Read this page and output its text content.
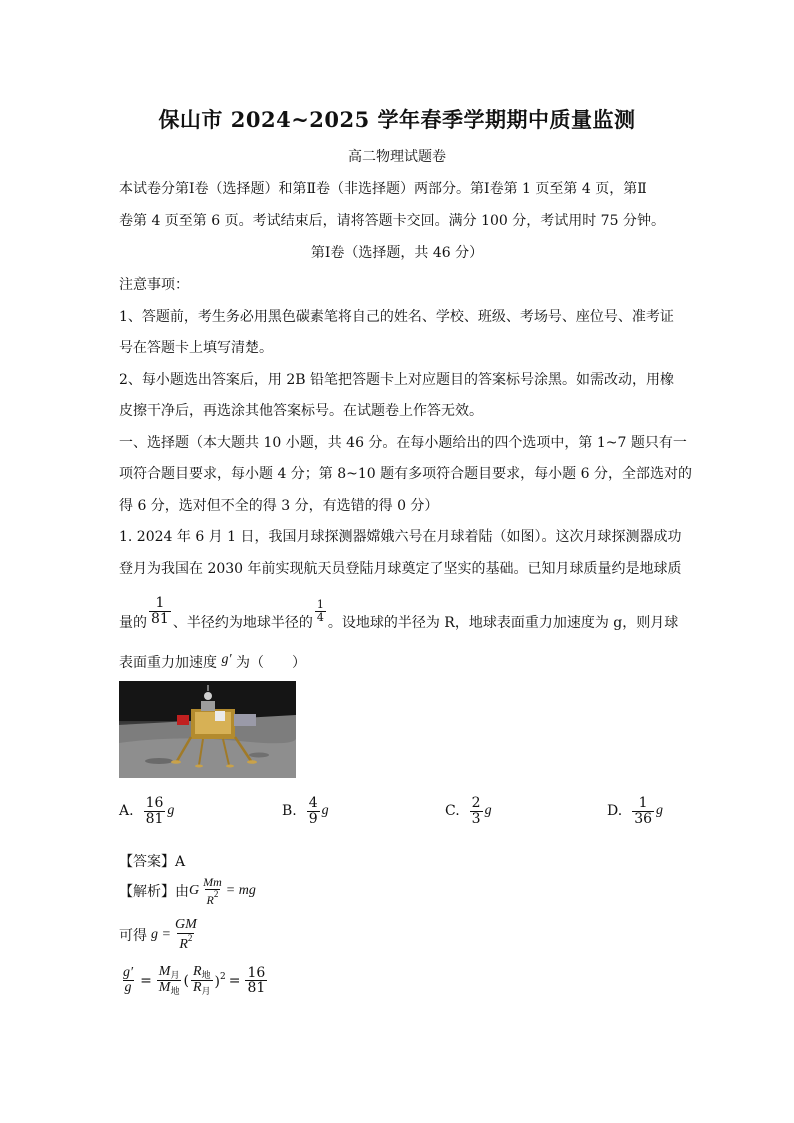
保山市 2024~2025 学年春季学期期中质量监测
高二物理试题卷
本试卷分第Ⅰ卷（选择题）和第Ⅱ卷（非选择题）两部分。第Ⅰ卷第 1 页至第 4 页，第Ⅱ
卷第 4 页至第 6 页。考试结束后，请将答题卡交回。满分 100 分，考试用时 75 分钟。
第Ⅰ卷（选择题，共 46 分）
注意事项：
1、答题前，考生务必用黑色碳素笔将自己的姓名、学校、班级、考场号、座位号、准考证
号在答题卡上填写清楚。
2、每小题选出答案后，用 2B 铅笔把答题卡上对应题目的答案标号涂黑。如需改动，用橡
皮擦干净后，再选涂其他答案标号。在试题卷上作答无效。
一、选择题（本大题共 10 小题，共 46 分。在每小题给出的四个选项中，第 1~7 题只有一
项符合题目要求，每小题 4 分；第 8~10 题有多项符合题目要求，每小题 6 分，全部选对的
得 6 分，选对但不全的得 3 分，有选错的得 0 分）
1. 2024 年 6 月 1 日，我国月球探测器嫦娥六号在月球着陆（如图）。这次月球探测器成功
登月为我国在 2030 年前实现航天员登陆月球奠定了坚实的基础。已知月球质量约是地球质
量的 $\frac{1}{81}$ 、半径约为地球半径的 $\frac{1}{4}$ 。设地球的半径为 R，地球表面重力加速度为 g，则月球
表面重力加速度 g′ 为（　　）
A. $\frac{16}{81}$ g	B. $\frac{4}{9}$ g	C. $\frac{2}{3}$ g	D. $\frac{1}{36}$ g
【答案】A
【解析】由 G $\frac{Mm}{R^2}$ = mg
可得 $g = \frac{GM}{R^2}$
$\frac{g'}{g} = \frac{M_月}{M_地}$ ( $\frac{R_地}{R_月} )^2 = \frac{16}{81}$
